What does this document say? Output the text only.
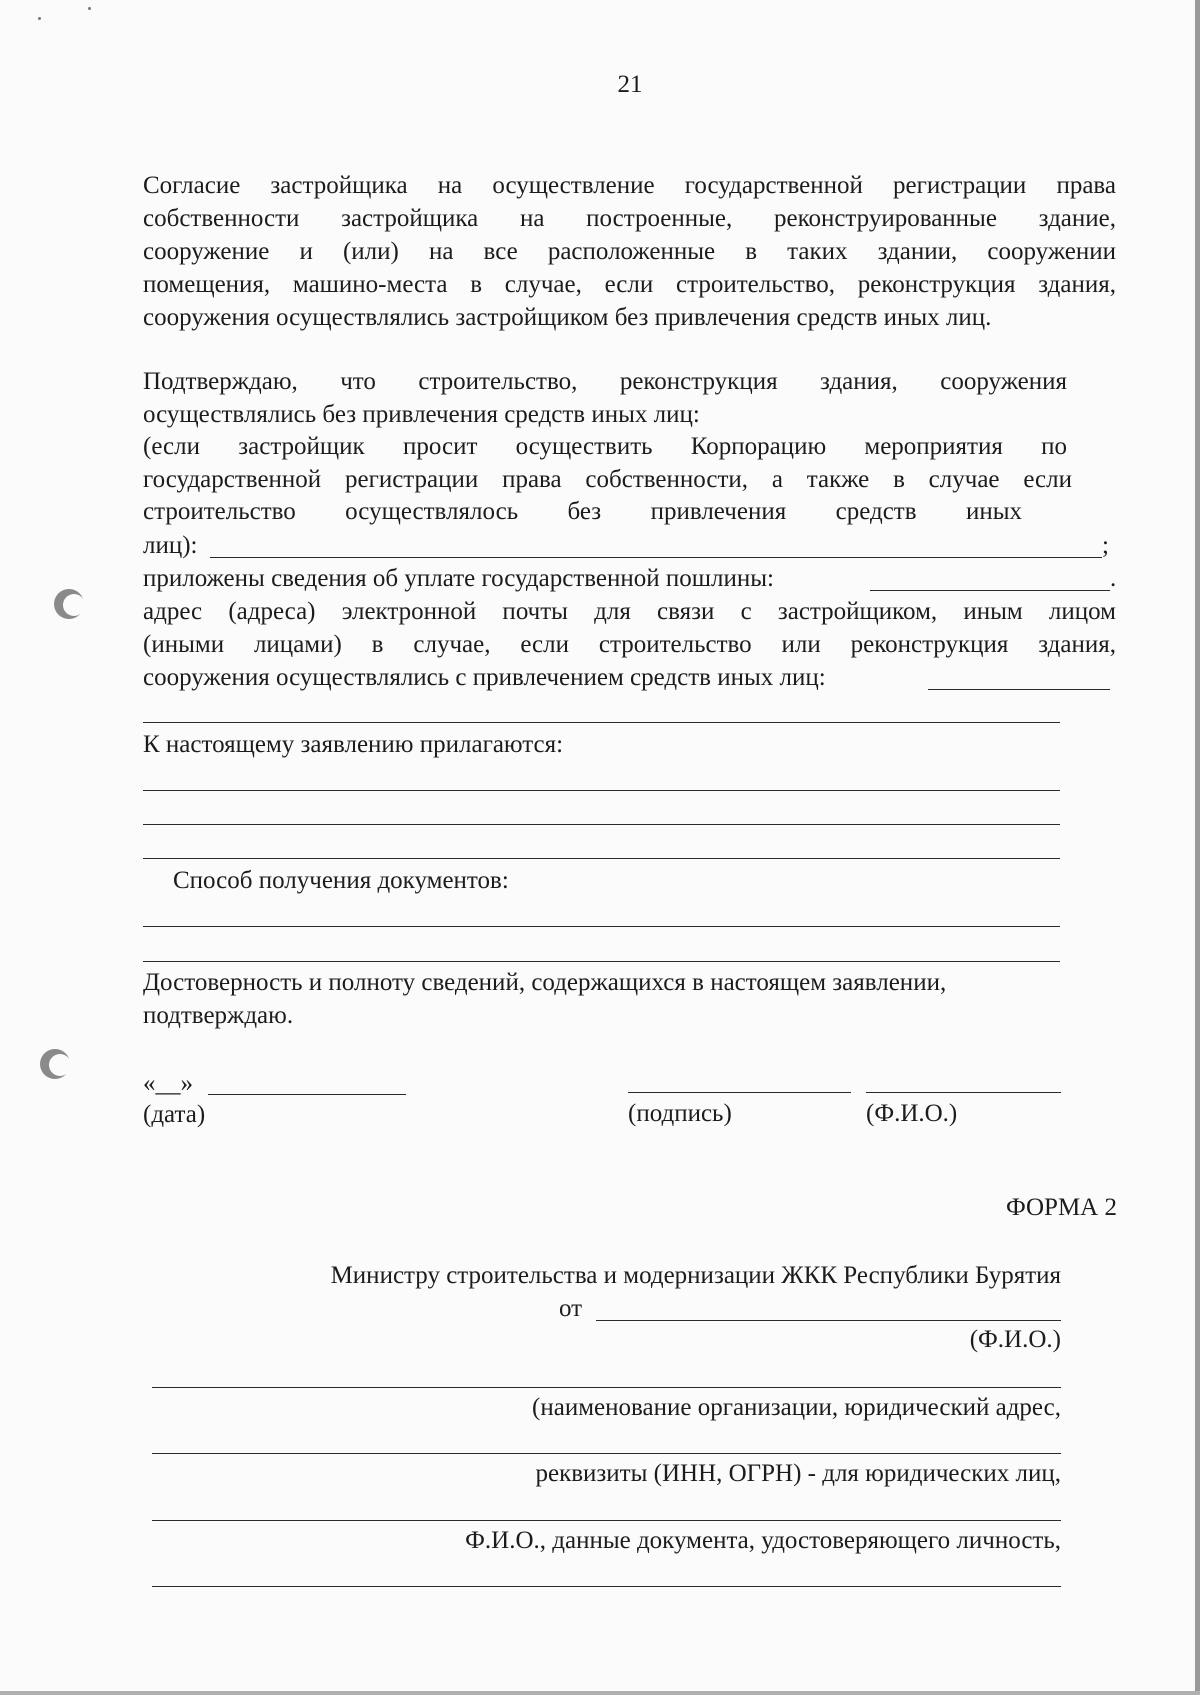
21
Согласие застройщика на осуществление государственной регистрации права
собственности застройщика на построенные, реконструированные здание,
сооружение и (или) на все расположенные в таких здании, сооружении
помещения, машино-места в случае, если строительство, реконструкция здания,
сооружения осуществлялись застройщиком без привлечения средств иных лиц.
Подтверждаю, что строительство, реконструкция здания, сооружения
осуществлялись без привлечения средств иных лиц:
(если застройщик просит осуществить Корпорацию мероприятия по
государственной регистрации права собственности, а также в случае если
строительство осуществлялось без привлечения средств иных
лиц):	;
приложены сведения об уплате государственной пошлины:	.
адрес (адреса) электронной почты для связи с застройщиком, иным лицом
(иными лицами) в случае, если строительство или реконструкция здания,
сооружения осуществлялись с привлечением средств иных лиц:
К настоящему заявлению прилагаются:
Способ получения документов:
Достоверность и полноту сведений, содержащихся в настоящем заявлении,
подтверждаю.
«__»
(дата)	(подпись)	(Ф.И.О.)
ФОРМА 2
Министру строительства и модернизации ЖКК Республики Бурятия
от
(Ф.И.О.)
(наименование организации, юридический адрес,
реквизиты (ИНН, ОГРН) - для юридических лиц,
Ф.И.О., данные документа, удостоверяющего личность,
